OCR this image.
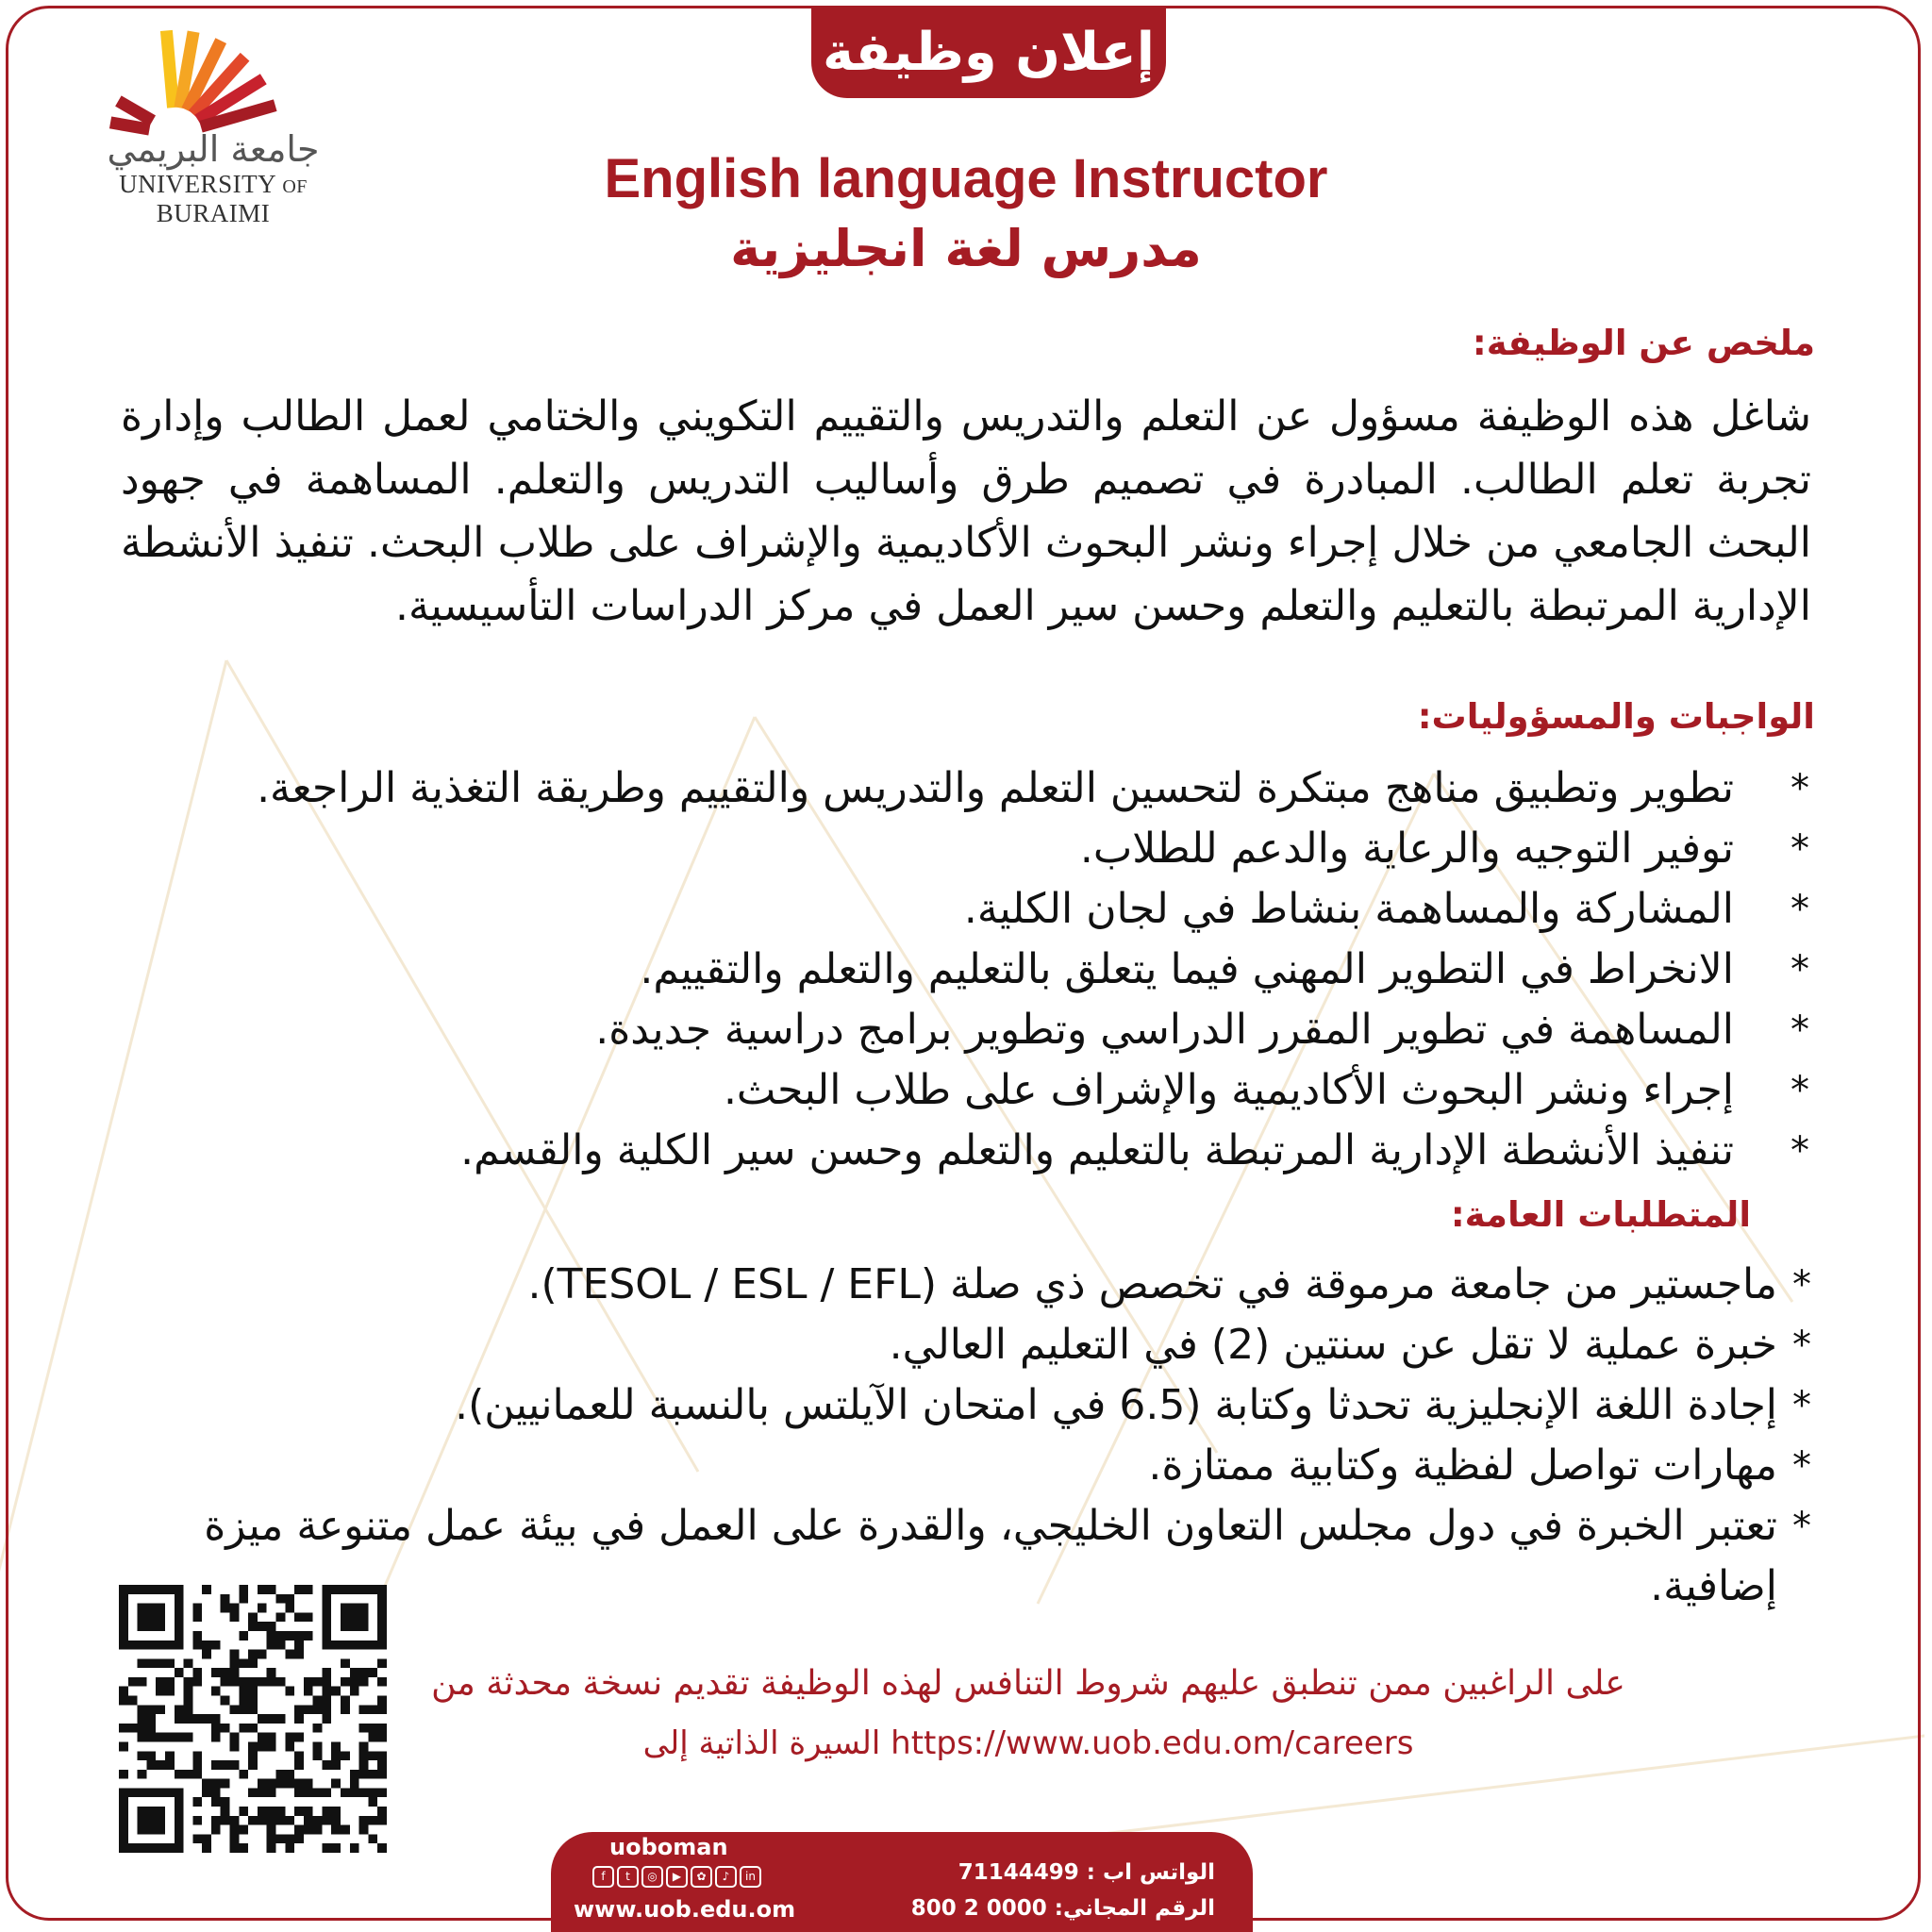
إعلان وظيفة
جامعة البريمي
UNIVERSITY OF BURAIMI
English language Instructor
مدرس لغة انجليزية
ملخص عن الوظيفة:
شاغل هذه الوظيفة مسؤول عن التعلم والتدريس والتقييم التكويني والختامي لعمل الطالب وإدارة تجربة تعلم الطالب. المبادرة في تصميم طرق وأساليب التدريس والتعلم. المساهمة في جهود البحث الجامعي من خلال إجراء ونشر البحوث الأكاديمية والإشراف على طلاب البحث. تنفيذ الأنشطة الإدارية المرتبطة بالتعليم والتعلم وحسن سير العمل في مركز الدراسات التأسيسية.
الواجبات والمسؤوليات:
* تطوير وتطبيق مناهج مبتكرة لتحسين التعلم والتدريس والتقييم وطريقة التغذية الراجعة.
* توفير التوجيه والرعاية والدعم للطلاب.
* المشاركة والمساهمة بنشاط في لجان الكلية.
* الانخراط في التطوير المهني فيما يتعلق بالتعليم والتعلم والتقييم.
* المساهمة في تطوير المقرر الدراسي وتطوير برامج دراسية جديدة.
* إجراء ونشر البحوث الأكاديمية والإشراف على طلاب البحث.
* تنفيذ الأنشطة الإدارية المرتبطة بالتعليم والتعلم وحسن سير الكلية والقسم.
المتطلبات العامة:
* ماجستير من جامعة مرموقة في تخصص ذي صلة (TESOL / ESL / EFL).
* خبرة عملية لا تقل عن سنتين (2) في التعليم العالي.
* إجادة اللغة الإنجليزية تحدثا وكتابة (6.5 في امتحان الآيلتس بالنسبة للعمانيين).
* مهارات تواصل لفظية وكتابية ممتازة.
* تعتبر الخبرة في دول مجلس التعاون الخليجي، والقدرة على العمل في بيئة عمل متنوعة ميزة إضافية.
على الراغبين ممن تنطبق عليهم شروط التنافس لهذه الوظيفة تقديم نسخة محدثة من
السيرة الذاتية إلى https://www.uob.edu.om/careers
uoboman
f	t	◎	▶	✿	♪	in
www.uob.edu.om
الواتس اب : 71144499
الرقم المجاني: 0000 2 800
